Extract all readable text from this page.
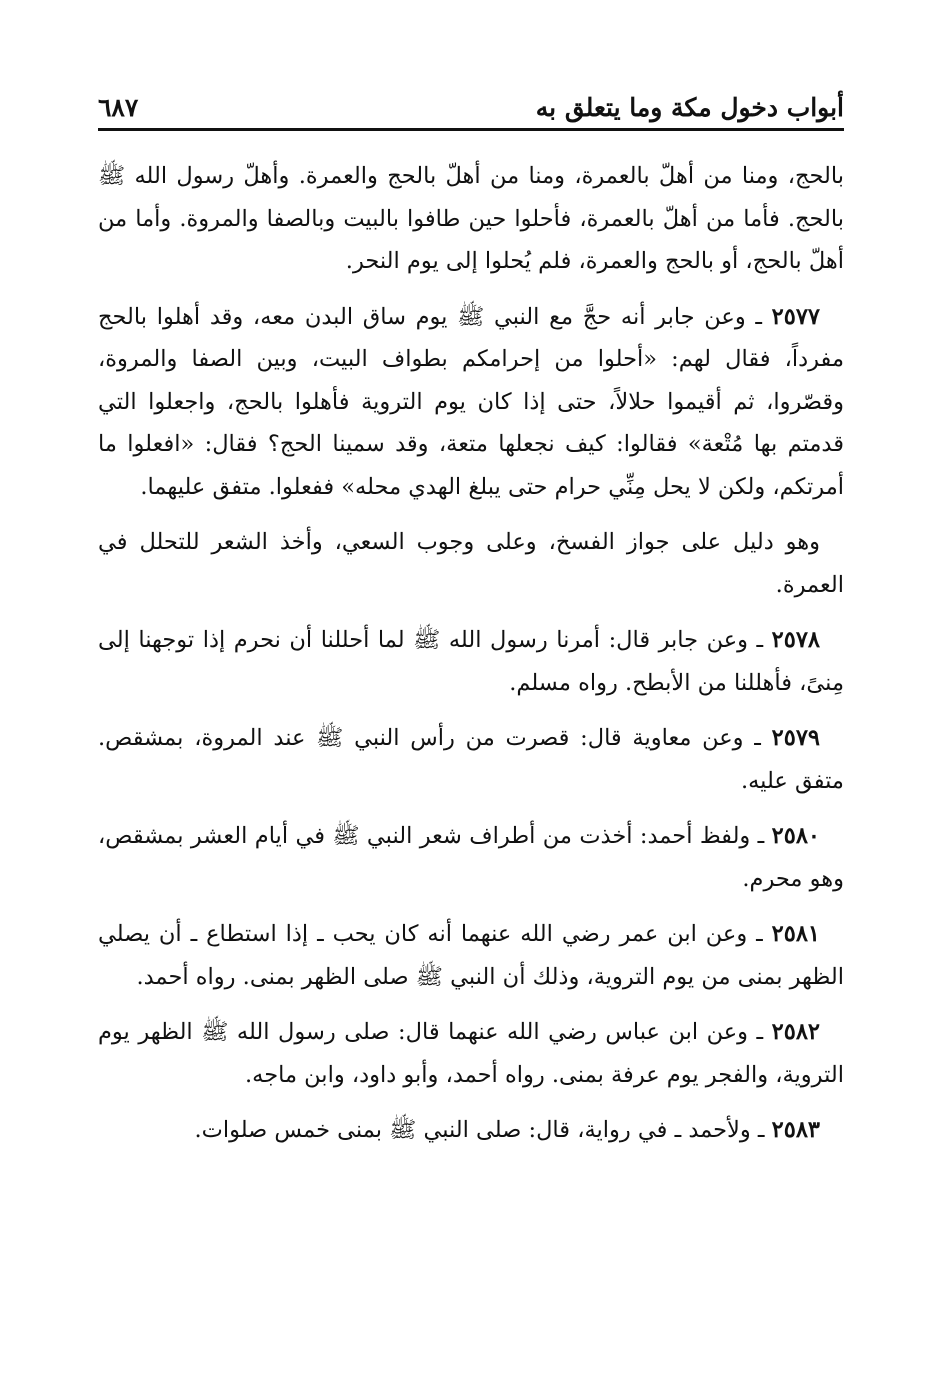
أبواب دخول مكة وما يتعلق به
٦٨٧

بالحج، ومنا من أهلّ بالعمرة، ومنا من أهلّ بالحج والعمرة. وأهلّ رسول الله ﷺ بالحج. فأما من أهلّ بالعمرة، فأحلوا حين طافوا بالبيت وبالصفا والمروة. وأما من أهلّ بالحج، أو بالحج والعمرة، فلم يُحلوا إلى يوم النحر.

٢٥٧٧ ـ وعن جابر أنه حجَّ مع النبي ﷺ يوم ساق البدن معه، وقد أهلوا بالحج مفرداً، فقال لهم: «أحلوا من إحرامكم بطواف البيت، وبين الصفا والمروة، وقصّروا، ثم أقيموا حلالاً، حتى إذا كان يوم التروية فأهلوا بالحج، واجعلوا التي قدمتم بها مُتْعة» فقالوا: كيف نجعلها متعة، وقد سمينا الحج؟ فقال: «افعلوا ما أمرتكم، ولكن لا يحل مِنِّي حرام حتى يبلغ الهدي محله» ففعلوا. متفق عليهما.

وهو دليل على جواز الفسخ، وعلى وجوب السعي، وأخذ الشعر للتحلل في العمرة.

٢٥٧٨ ـ وعن جابر قال: أمرنا رسول الله ﷺ لما أحللنا أن نحرم إذا توجهنا إلى مِنىً، فأهللنا من الأبطح. رواه مسلم.

٢٥٧٩ ـ وعن معاوية قال: قصرت من رأس النبي ﷺ عند المروة، بمشقص. متفق عليه.

٢٥٨٠ ـ ولفظ أحمد: أخذت من أطراف شعر النبي ﷺ في أيام العشر بمشقص، وهو محرم.

٢٥٨١ ـ وعن ابن عمر رضي الله عنهما أنه كان يحب ـ إذا استطاع ـ أن يصلي الظهر بمنى من يوم التروية، وذلك أن النبي ﷺ صلى الظهر بمنى. رواه أحمد.

٢٥٨٢ ـ وعن ابن عباس رضي الله عنهما قال: صلى رسول الله ﷺ الظهر يوم التروية، والفجر يوم عرفة بمنى. رواه أحمد، وأبو داود، وابن ماجه.

٢٥٨٣ ـ ولأحمد ـ في رواية، قال: صلى النبي ﷺ بمنى خمس صلوات.
